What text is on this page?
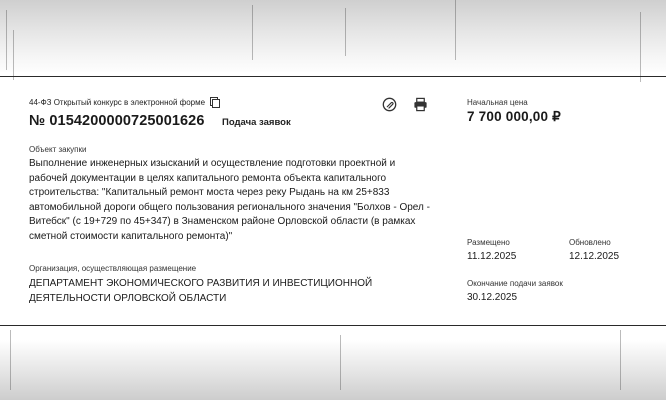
44-ФЗ Открытый конкурс в электронной форме
№ 0154200000725001626 Подача заявок
Объект закупки
Выполнение инженерных изысканий и осуществление подготовки проектной и рабочей документации в целях капитального ремонта объекта капитального строительства: "Капитальный ремонт моста через реку Рыдань на км 25+833 автомобильной дороги общего пользования регионального значения "Болхов - Орел - Витебск" (с 19+729 по 45+347) в Знаменском районе Орловской области (в рамках сметной стоимости капитального ремонта)"
Организация, осуществляющая размещение
ДЕПАРТАМЕНТ ЭКОНОМИЧЕСКОГО РАЗВИТИЯ И ИНВЕСТИЦИОННОЙ ДЕЯТЕЛЬНОСТИ ОРЛОВСКОЙ ОБЛАСТИ
Начальная цена
7 700 000,00 ₽
Размещено
11.12.2025
Обновлено
12.12.2025
Окончание подачи заявок
30.12.2025
